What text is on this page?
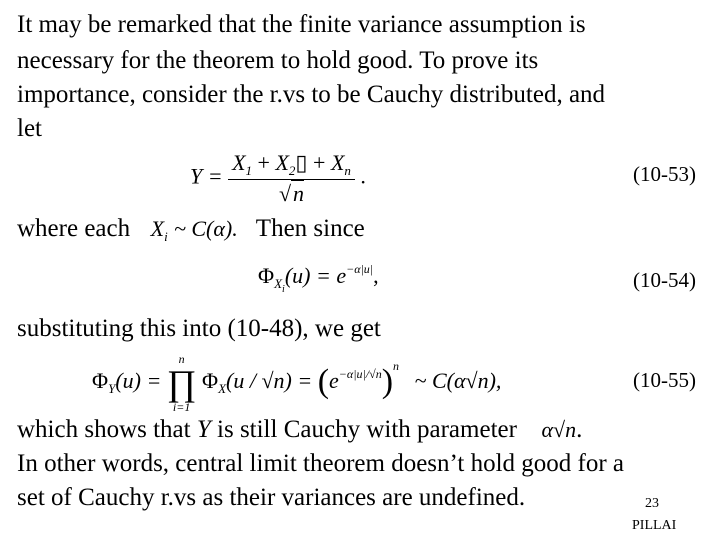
It may be remarked that the finite variance assumption is
necessary for the theorem to hold good. To prove its
importance, consider the r.vs to be Cauchy distributed, and
let
$Y = \frac{X_1 + X_2▯ + X_n}{√n}$ .	(10-53)
where each $X_i$ ~ C(α). Then since
$\Phi_{Xi}(u) = e^{-\alpha|u|}$,	(10-54)
substituting this into (10-48), we get
$\Phi_Y(u)$ =
n
∏
i=1
$\Phi_X(u / √n) = (e^{-\alpha|u|/√n})^n$ ~ C(α√n),	(10-55)
which shows that Y is still Cauchy with parameter α√n.
In other words, central limit theorem doesn’t hold good for a
set of Cauchy r.vs as their variances are undefined.	23
PILLAI
